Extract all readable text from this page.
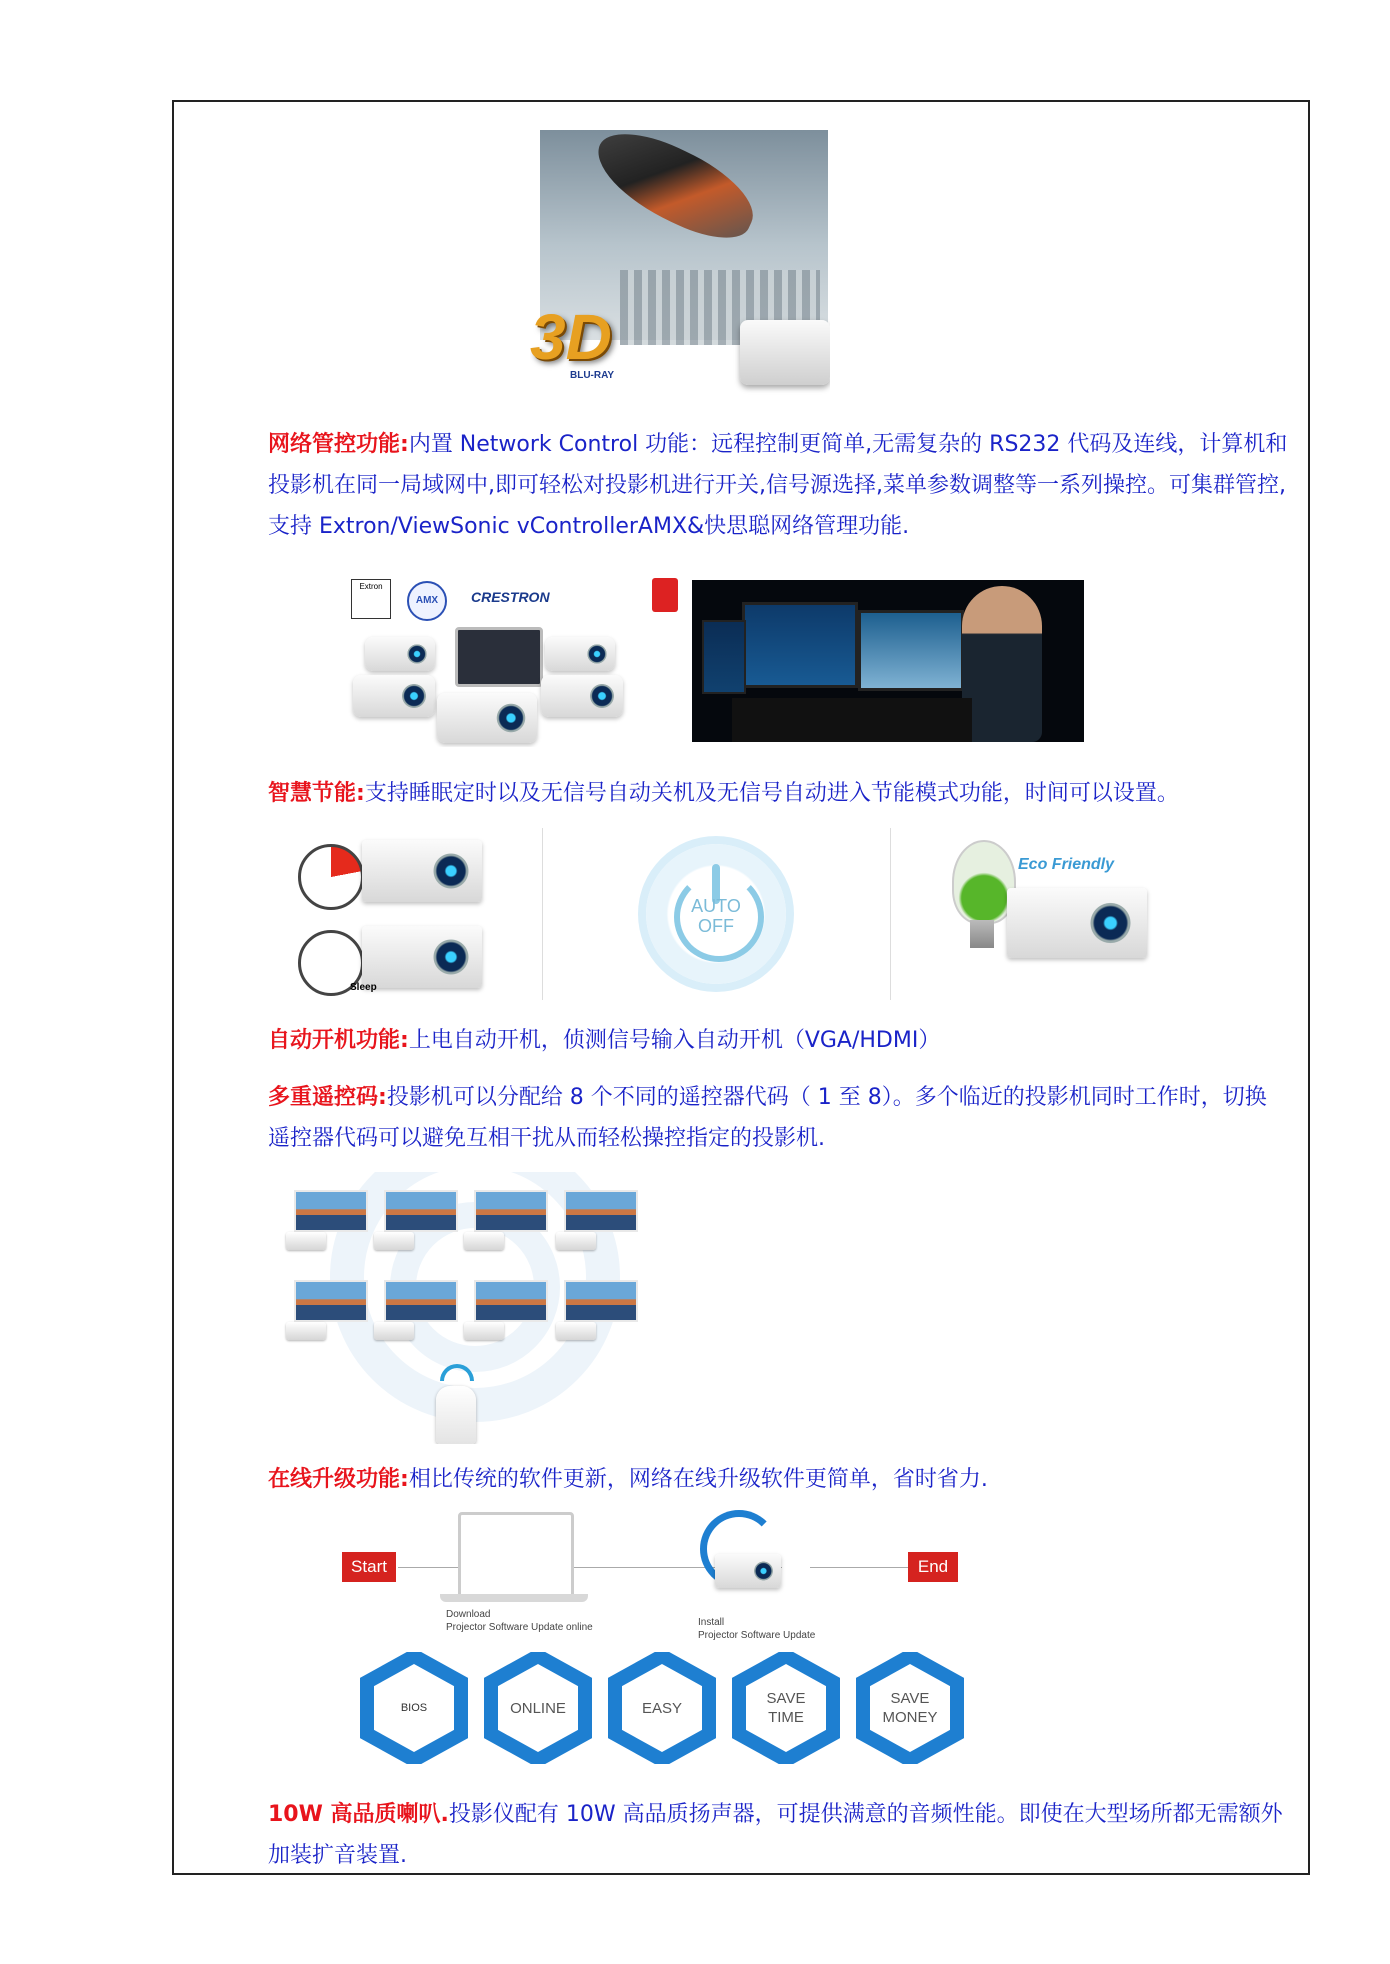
3D
BLU-RAY

网络管控功能:内置 Network Control 功能：远程控制更简单,无需复杂的 RS232 代码及连线，计算机和投影机在同一局域网中,即可轻松对投影机进行开关,信号源选择,菜单参数调整等一系列操控。可集群管控,支持 Extron/ViewSonic vControllerAMX&快思聪网络管理功能.

Extron
AMX	CRESTRON

智慧节能:支持睡眠定时以及无信号自动关机及无信号自动进入节能模式功能，时间可以设置。

Sleep
AUTO
OFF
Eco Friendly

自动开机功能:上电自动开机，侦测信号输入自动开机（VGA/HDMI）

多重遥控码:投影机可以分配给 8 个不同的遥控器代码（ 1 至 8）。多个临近的投影机同时工作时，切换遥控器代码可以避免互相干扰从而轻松操控指定的投影机.

在线升级功能:相比传统的软件更新，网络在线升级软件更简单，省时省力.

Start	End
Download
Projector Software Update online	Install
Projector Software Update
BIOS	ONLINE	EASY
SAVE
TIME
SAVE
MONEY

10W 高品质喇叭.投影仪配有 10W 高品质扬声器，可提供满意的音频性能。即使在大型场所都无需额外加装扩音装置.
